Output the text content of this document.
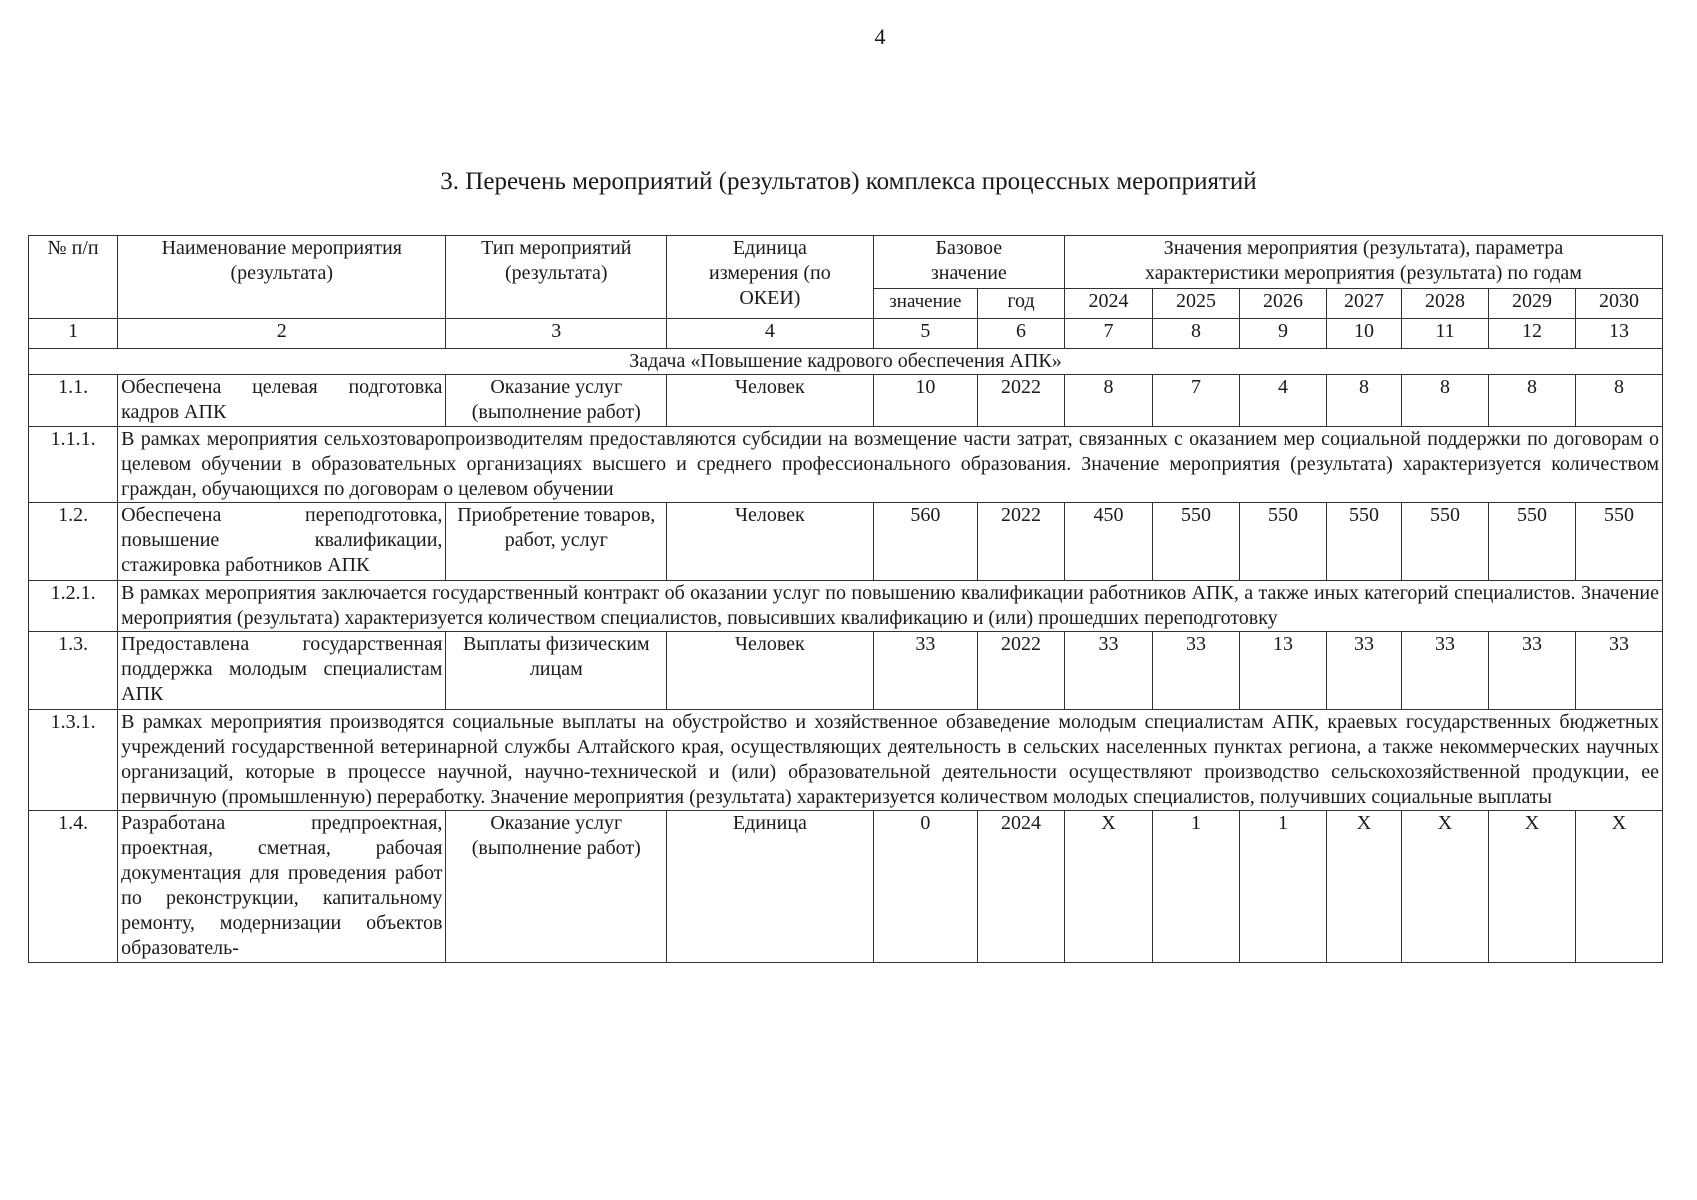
4
3. Перечень мероприятий (результатов) комплекса процессных мероприятий
№ п/п	Наименование мероприятия (результата)	Тип мероприятий (результата)	Единица измерения (по ОКЕИ)	Базовое значение		Значения мероприятия (результата), параметра характеристики мероприятия (результата) по годам						
				значение	год	2024	2025	2026	2027	2028	2029	2030
1	2	3	4	5	6	7	8	9	10	11	12	13
Задача «Повышение кадрового обеспечения АПК»												
1.1.	Обеспечена целевая подготовка кадров АПК	Оказание услуг (выполнение работ)	Человек	10	2022	8	7	4	8	8	8	8
1.1.1.	В рамках мероприятия сельхозтоваропроизводителям предоставляются субсидии на возмещение части затрат, связанных с оказанием мер социальной поддержки по договорам о целевом обучении в образовательных организациях высшего и среднего профессионального образования. Значение мероприятия (результата) характеризуется количеством граждан, обучающихся по договорам о целевом обучении											
1.2.	Обеспечена переподготовка, повышение квалификации, стажировка работников АПК	Приобретение товаров, работ, услуг	Человек	560	2022	450	550	550	550	550	550	550
1.2.1.	В рамках мероприятия заключается государственный контракт об оказании услуг по повышению квалификации работников АПК, а также иных категорий специалистов. Значение мероприятия (результата) характеризуется количеством специалистов, повысивших квалификацию и (или) прошедших переподготовку											
1.3.	Предоставлена государственная поддержка молодым специалистам АПК	Выплаты физическим лицам	Человек	33	2022	33	33	13	33	33	33	33
1.3.1.	В рамках мероприятия производятся социальные выплаты на обустройство и хозяйственное обзаведение молодым специалистам АПК, краевых государственных бюджетных учреждений государственной ветеринарной службы Алтайского края, осуществляющих деятельность в сельских населенных пунктах региона, а также некоммерческих научных организаций, которые в процессе научной, научно-технической и (или) образовательной деятельности осуществляют производство сельскохозяйственной продукции, ее первичную (промышленную) переработку. Значение мероприятия (результата) характеризуется количеством молодых специалистов, получивших социальные выплаты											
1.4.	Разработана предпроектная, проектная, сметная, рабочая документация для проведения работ по реконструкции, капитальному ремонту, модернизации объектов образователь-	Оказание услуг (выполнение работ)	Единица	0	2024	Х	1	1	Х	Х	Х	Х
